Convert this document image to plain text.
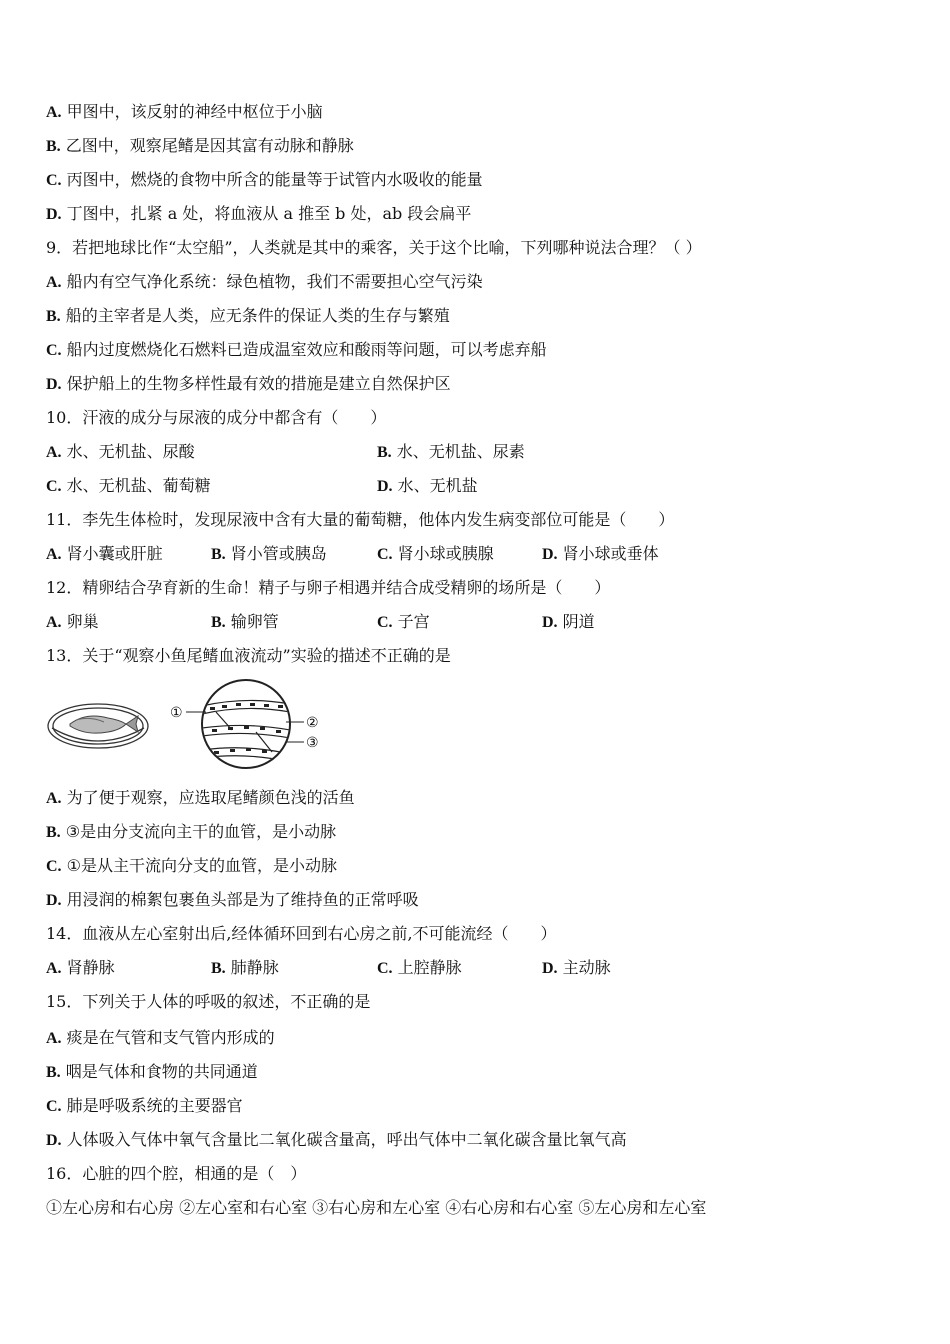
A. 甲图中，该反射的神经中枢位于小脑
B. 乙图中，观察尾鳍是因其富有动脉和静脉
C. 丙图中，燃烧的食物中所含的能量等于试管内水吸收的能量
D. 丁图中，扎紧 a 处，将血液从 a 推至 b 处，ab 段会扁平
9．若把地球比作“太空船”，人类就是其中的乘客，关于这个比喻，下列哪种说法合理？（ ）
A. 船内有空气净化系统：绿色植物，我们不需要担心空气污染
B. 船的主宰者是人类，应无条件的保证人类的生存与繁殖
C. 船内过度燃烧化石燃料已造成温室效应和酸雨等问题，可以考虑弃船
D. 保护船上的生物多样性最有效的措施是建立自然保护区
10．汗液的成分与尿液的成分中都含有（　　）
A. 水、无机盐、尿酸	B. 水、无机盐、尿素
C. 水、无机盐、葡萄糖	D. 水、无机盐
11．李先生体检时，发现尿液中含有大量的葡萄糖，他体内发生病变部位可能是（　　）
A. 肾小囊或肝脏	B. 肾小管或胰岛	C. 肾小球或胰腺	D. 肾小球或垂体
12．精卵结合孕育新的生命！精子与卵子相遇并结合成受精卵的场所是（　　）
A. 卵巢	B. 输卵管	C. 子宫	D. 阴道
13．关于“观察小鱼尾鳍血液流动”实验的描述不正确的是
①
②
③
A. 为了便于观察，应选取尾鳍颜色浅的活鱼
B. ③是由分支流向主干的血管，是小动脉
C. ①是从主干流向分支的血管，是小动脉
D. 用浸润的棉絮包裹鱼头部是为了维持鱼的正常呼吸
14．血液从左心室射出后,经体循环回到右心房之前,不可能流经（　　）
A. 肾静脉	B. 肺静脉	C. 上腔静脉	D. 主动脉
15．下列关于人体的呼吸的叙述，不正确的是
A. 痰是在气管和支气管内形成的
B. 咽是气体和食物的共同通道
C. 肺是呼吸系统的主要器官
D. 人体吸入气体中氧气含量比二氧化碳含量高，呼出气体中二氧化碳含量比氧气高
16．心脏的四个腔，相通的是（　）
①左心房和右心房 ②左心室和右心室 ③右心房和左心室 ④右心房和右心室 ⑤左心房和左心室
